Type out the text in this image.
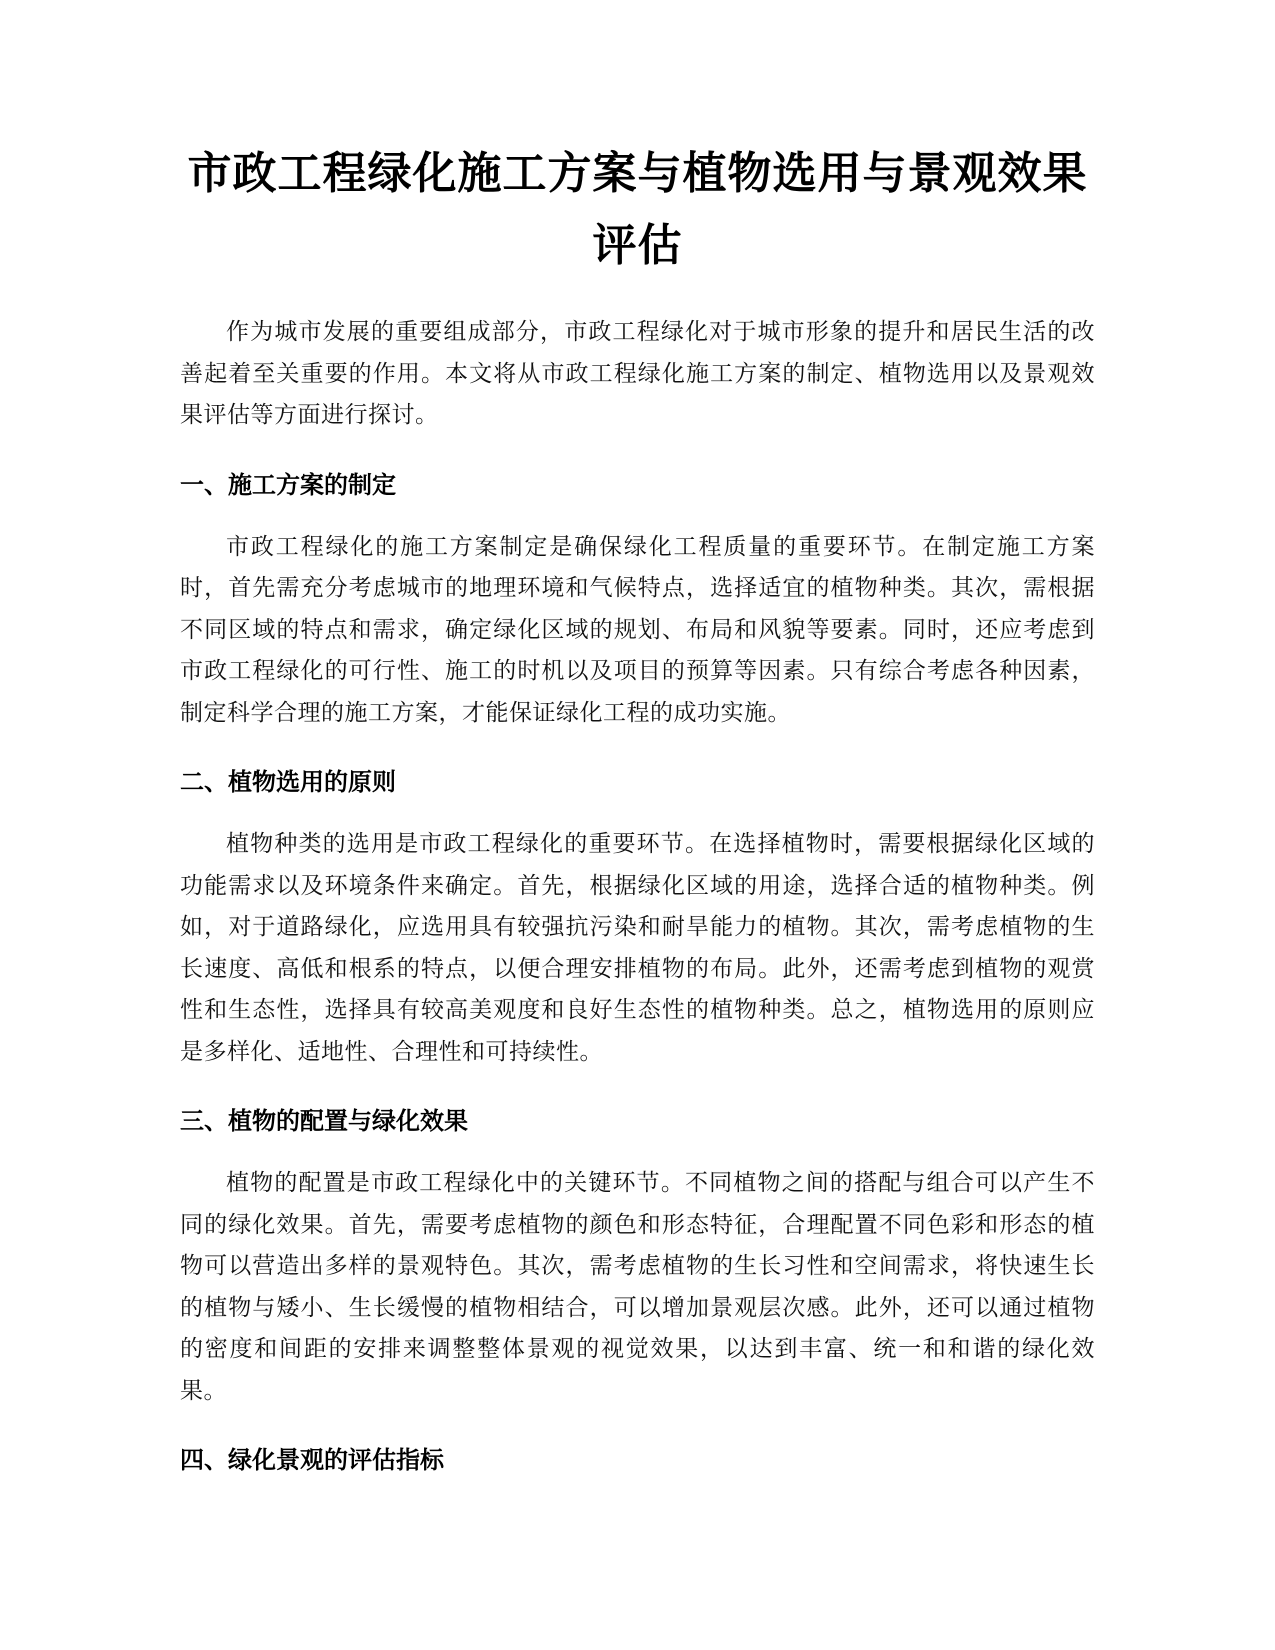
市政工程绿化施工方案与植物选用与景观效果评估

作为城市发展的重要组成部分，市政工程绿化对于城市形象的提升和居民生活的改善起着至关重要的作用。本文将从市政工程绿化施工方案的制定、植物选用以及景观效果评估等方面进行探讨。

一、施工方案的制定

市政工程绿化的施工方案制定是确保绿化工程质量的重要环节。在制定施工方案时，首先需充分考虑城市的地理环境和气候特点，选择适宜的植物种类。其次，需根据不同区域的特点和需求，确定绿化区域的规划、布局和风貌等要素。同时，还应考虑到市政工程绿化的可行性、施工的时机以及项目的预算等因素。只有综合考虑各种因素，制定科学合理的施工方案，才能保证绿化工程的成功实施。

二、植物选用的原则

植物种类的选用是市政工程绿化的重要环节。在选择植物时，需要根据绿化区域的功能需求以及环境条件来确定。首先，根据绿化区域的用途，选择合适的植物种类。例如，对于道路绿化，应选用具有较强抗污染和耐旱能力的植物。其次，需考虑植物的生长速度、高低和根系的特点，以便合理安排植物的布局。此外，还需考虑到植物的观赏性和生态性，选择具有较高美观度和良好生态性的植物种类。总之，植物选用的原则应是多样化、适地性、合理性和可持续性。

三、植物的配置与绿化效果

植物的配置是市政工程绿化中的关键环节。不同植物之间的搭配与组合可以产生不同的绿化效果。首先，需要考虑植物的颜色和形态特征，合理配置不同色彩和形态的植物可以营造出多样的景观特色。其次，需考虑植物的生长习性和空间需求，将快速生长的植物与矮小、生长缓慢的植物相结合，可以增加景观层次感。此外，还可以通过植物的密度和间距的安排来调整整体景观的视觉效果，以达到丰富、统一和和谐的绿化效果。

四、绿化景观的评估指标
